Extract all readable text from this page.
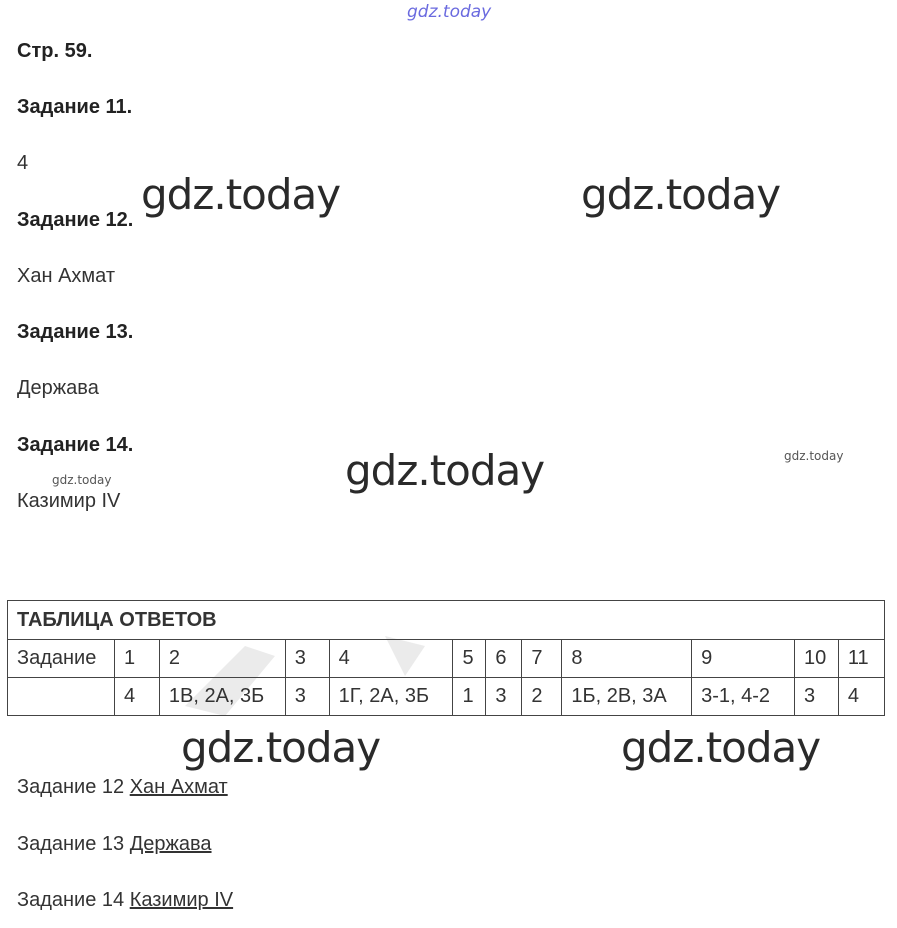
gdz.today
gdz.today	gdz.today
gdz.today
gdz.today
gdz.today
gdz.today	gdz.today
Стр. 59.
Задание 11.
4
Задание 12.
Хан Ахмат
Задание 13.
Держава
Задание 14.
Казимир IV
ТАБЛИЦА ОТВЕТОВ											
Задание	1	2	3	4	5	6	7	8	9	10	11
	4	1В, 2А, 3Б	3	1Г, 2А, 3Б	1	3	2	1Б, 2В, 3А	3-1, 4-2	3	4
Задание 12 Хан Ахмат
Задание 13 Держава
Задание 14 Казимир IV
